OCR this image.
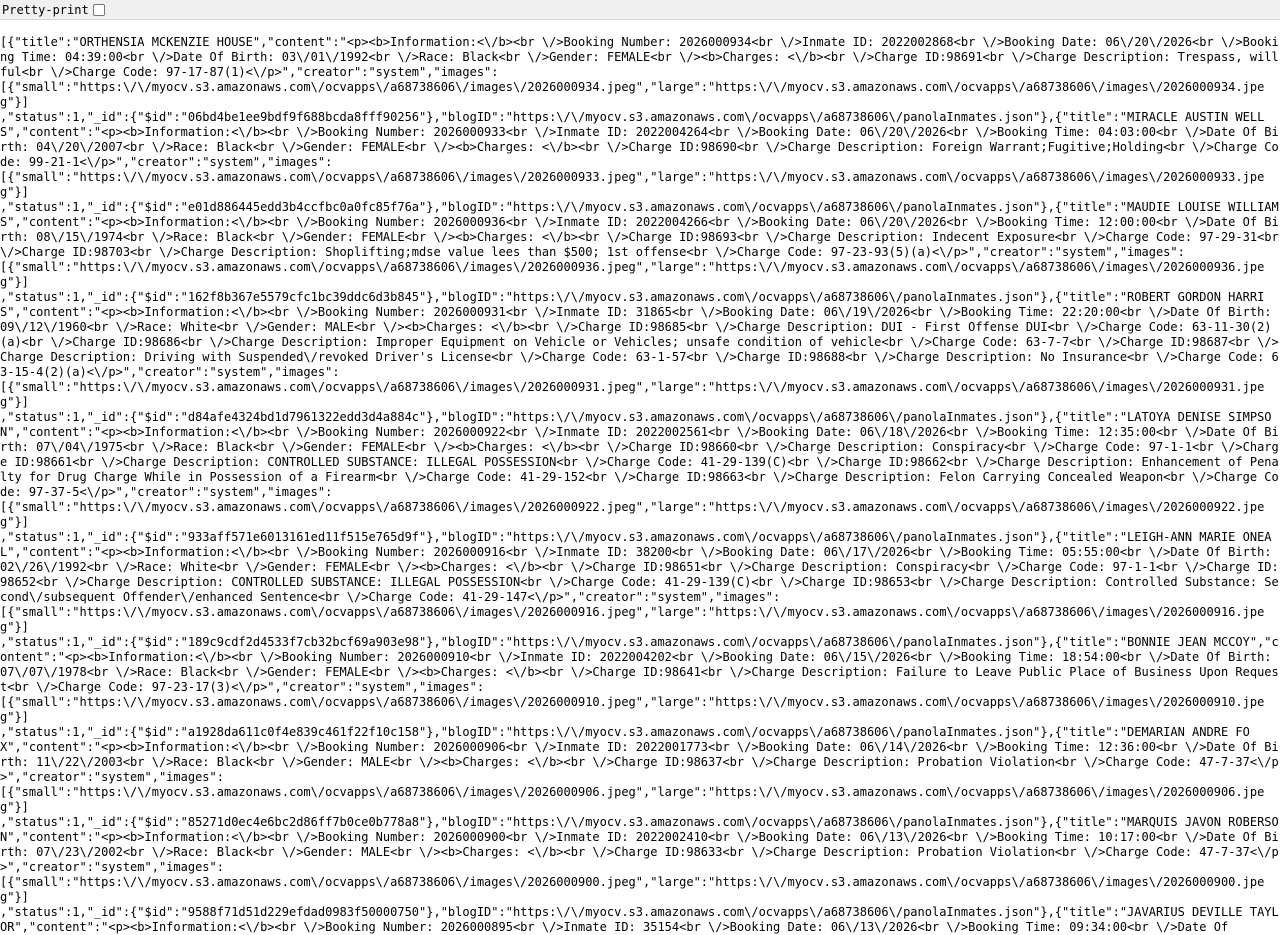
Pretty-print
[{"title":"ORTHENSIA MCKENZIE HOUSE","content":"<p><b>Information:<\/b><br \/>Booking Number: 2026000934<br \/>Inmate ID: 2022002868<br \/>Booking Date: 06\/20\/2026<br \/>Booking Time: 04:39:00<br \/>Date Of Birth: 03\/01\/1992<br \/>Race: Black<br \/>Gender: FEMALE<br \/><b>Charges: <\/b><br \/>Charge ID:98691<br \/>Charge Description: Trespass, willful<br \/>Charge Code: 97-17-87(1)<\/p>","creator":"system","images":
[{"small":"https:\/\/myocv.s3.amazonaws.com\/ocvapps\/a68738606\/images\/2026000934.jpeg","large":"https:\/\/myocv.s3.amazonaws.com\/ocvapps\/a68738606\/images\/2026000934.jpeg"}]
,"status":1,"_id":{"$id":"06bd4be1ee9bdf9f688bcda8fff90256"},"blogID":"https:\/\/myocv.s3.amazonaws.com\/ocvapps\/a68738606\/panolaInmates.json"},{"title":"MIRACLE AUSTIN WELLS","content":"<p><b>Information:<\/b><br \/>Booking Number: 2026000933<br \/>Inmate ID: 2022004264<br \/>Booking Date: 06\/20\/2026<br \/>Booking Time: 04:03:00<br \/>Date Of Birth: 04\/20\/2007<br \/>Race: Black<br \/>Gender: FEMALE<br \/><b>Charges: <\/b><br \/>Charge ID:98690<br \/>Charge Description: Foreign Warrant;Fugitive;Holding<br \/>Charge Code: 99-21-1<\/p>","creator":"system","images":
[{"small":"https:\/\/myocv.s3.amazonaws.com\/ocvapps\/a68738606\/images\/2026000933.jpeg","large":"https:\/\/myocv.s3.amazonaws.com\/ocvapps\/a68738606\/images\/2026000933.jpeg"}]
,"status":1,"_id":{"$id":"e01d886445edd3b4ccfbc0a0fc85f76a"},"blogID":"https:\/\/myocv.s3.amazonaws.com\/ocvapps\/a68738606\/panolaInmates.json"},{"title":"MAUDIE LOUISE WILLIAMS","content":"<p><b>Information:<\/b><br \/>Booking Number: 2026000936<br \/>Inmate ID: 2022004266<br \/>Booking Date: 06\/20\/2026<br \/>Booking Time: 12:00:00<br \/>Date Of Birth: 08\/15\/1974<br \/>Race: Black<br \/>Gender: FEMALE<br \/><b>Charges: <\/b><br \/>Charge ID:98693<br \/>Charge Description: Indecent Exposure<br \/>Charge Code: 97-29-31<br \/>Charge ID:98703<br \/>Charge Description: Shoplifting;mdse value lees than $500; 1st offense<br \/>Charge Code: 97-23-93(5)(a)<\/p>","creator":"system","images":
[{"small":"https:\/\/myocv.s3.amazonaws.com\/ocvapps\/a68738606\/images\/2026000936.jpeg","large":"https:\/\/myocv.s3.amazonaws.com\/ocvapps\/a68738606\/images\/2026000936.jpeg"}]
,"status":1,"_id":{"$id":"162f8b367e5579cfc1bc39ddc6d3b845"},"blogID":"https:\/\/myocv.s3.amazonaws.com\/ocvapps\/a68738606\/panolaInmates.json"},{"title":"ROBERT GORDON HARRIS","content":"<p><b>Information:<\/b><br \/>Booking Number: 2026000931<br \/>Inmate ID: 31865<br \/>Booking Date: 06\/19\/2026<br \/>Booking Time: 22:20:00<br \/>Date Of Birth: 09\/12\/1960<br \/>Race: White<br \/>Gender: MALE<br \/><b>Charges: <\/b><br \/>Charge ID:98685<br \/>Charge Description: DUI - First Offense DUI<br \/>Charge Code: 63-11-30(2)(a)<br \/>Charge ID:98686<br \/>Charge Description: Improper Equipment on Vehicle or Vehicles; unsafe condition of vehicle<br \/>Charge Code: 63-7-7<br \/>Charge ID:98687<br \/>Charge Description: Driving with Suspended\/revoked Driver's License<br \/>Charge Code: 63-1-57<br \/>Charge ID:98688<br \/>Charge Description: No Insurance<br \/>Charge Code: 63-15-4(2)(a)<\/p>","creator":"system","images":
[{"small":"https:\/\/myocv.s3.amazonaws.com\/ocvapps\/a68738606\/images\/2026000931.jpeg","large":"https:\/\/myocv.s3.amazonaws.com\/ocvapps\/a68738606\/images\/2026000931.jpeg"}]
,"status":1,"_id":{"$id":"d84afe4324bd1d7961322edd3d4a884c"},"blogID":"https:\/\/myocv.s3.amazonaws.com\/ocvapps\/a68738606\/panolaInmates.json"},{"title":"LATOYA DENISE SIMPSON","content":"<p><b>Information:<\/b><br \/>Booking Number: 2026000922<br \/>Inmate ID: 2022002561<br \/>Booking Date: 06\/18\/2026<br \/>Booking Time: 12:35:00<br \/>Date Of Birth: 07\/04\/1975<br \/>Race: Black<br \/>Gender: FEMALE<br \/><b>Charges: <\/b><br \/>Charge ID:98660<br \/>Charge Description: Conspiracy<br \/>Charge Code: 97-1-1<br \/>Charge ID:98661<br \/>Charge Description: CONTROLLED SUBSTANCE: ILLEGAL POSSESSION<br \/>Charge Code: 41-29-139(C)<br \/>Charge ID:98662<br \/>Charge Description: Enhancement of Penalty for Drug Charge While in Possession of a Firearm<br \/>Charge Code: 41-29-152<br \/>Charge ID:98663<br \/>Charge Description: Felon Carrying Concealed Weapon<br \/>Charge Code: 97-37-5<\/p>","creator":"system","images":
[{"small":"https:\/\/myocv.s3.amazonaws.com\/ocvapps\/a68738606\/images\/2026000922.jpeg","large":"https:\/\/myocv.s3.amazonaws.com\/ocvapps\/a68738606\/images\/2026000922.jpeg"}]
,"status":1,"_id":{"$id":"933aff571e6013161ed11f515e765d9f"},"blogID":"https:\/\/myocv.s3.amazonaws.com\/ocvapps\/a68738606\/panolaInmates.json"},{"title":"LEIGH-ANN MARIE ONEAL","content":"<p><b>Information:<\/b><br \/>Booking Number: 2026000916<br \/>Inmate ID: 38200<br \/>Booking Date: 06\/17\/2026<br \/>Booking Time: 05:55:00<br \/>Date Of Birth: 02\/26\/1992<br \/>Race: White<br \/>Gender: FEMALE<br \/><b>Charges: <\/b><br \/>Charge ID:98651<br \/>Charge Description: Conspiracy<br \/>Charge Code: 97-1-1<br \/>Charge ID:98652<br \/>Charge Description: CONTROLLED SUBSTANCE: ILLEGAL POSSESSION<br \/>Charge Code: 41-29-139(C)<br \/>Charge ID:98653<br \/>Charge Description: Controlled Substance: Second\/subsequent Offender\/enhanced Sentence<br \/>Charge Code: 41-29-147<\/p>","creator":"system","images":
[{"small":"https:\/\/myocv.s3.amazonaws.com\/ocvapps\/a68738606\/images\/2026000916.jpeg","large":"https:\/\/myocv.s3.amazonaws.com\/ocvapps\/a68738606\/images\/2026000916.jpeg"}]
,"status":1,"_id":{"$id":"189c9cdf2d4533f7cb32bcf69a903e98"},"blogID":"https:\/\/myocv.s3.amazonaws.com\/ocvapps\/a68738606\/panolaInmates.json"},{"title":"BONNIE JEAN MCCOY","content":"<p><b>Information:<\/b><br \/>Booking Number: 2026000910<br \/>Inmate ID: 2022004202<br \/>Booking Date: 06\/15\/2026<br \/>Booking Time: 18:54:00<br \/>Date Of Birth: 07\/07\/1978<br \/>Race: Black<br \/>Gender: FEMALE<br \/><b>Charges: <\/b><br \/>Charge ID:98641<br \/>Charge Description: Failure to Leave Public Place of Business Upon Request<br \/>Charge Code: 97-23-17(3)<\/p>","creator":"system","images":
[{"small":"https:\/\/myocv.s3.amazonaws.com\/ocvapps\/a68738606\/images\/2026000910.jpeg","large":"https:\/\/myocv.s3.amazonaws.com\/ocvapps\/a68738606\/images\/2026000910.jpeg"}]
,"status":1,"_id":{"$id":"a1928da611c0f4e839c461f22f10c158"},"blogID":"https:\/\/myocv.s3.amazonaws.com\/ocvapps\/a68738606\/panolaInmates.json"},{"title":"DEMARIAN ANDRE FOX","content":"<p><b>Information:<\/b><br \/>Booking Number: 2026000906<br \/>Inmate ID: 2022001773<br \/>Booking Date: 06\/14\/2026<br \/>Booking Time: 12:36:00<br \/>Date Of Birth: 11\/22\/2003<br \/>Race: Black<br \/>Gender: MALE<br \/><b>Charges: <\/b><br \/>Charge ID:98637<br \/>Charge Description: Probation Violation<br \/>Charge Code: 47-7-37<\/p>","creator":"system","images":
[{"small":"https:\/\/myocv.s3.amazonaws.com\/ocvapps\/a68738606\/images\/2026000906.jpeg","large":"https:\/\/myocv.s3.amazonaws.com\/ocvapps\/a68738606\/images\/2026000906.jpeg"}]
,"status":1,"_id":{"$id":"85271d0ec4e6bc2d86ff7b0ce0b778a8"},"blogID":"https:\/\/myocv.s3.amazonaws.com\/ocvapps\/a68738606\/panolaInmates.json"},{"title":"MARQUIS JAVON ROBERSON","content":"<p><b>Information:<\/b><br \/>Booking Number: 2026000900<br \/>Inmate ID: 2022002410<br \/>Booking Date: 06\/13\/2026<br \/>Booking Time: 10:17:00<br \/>Date Of Birth: 07\/23\/2002<br \/>Race: Black<br \/>Gender: MALE<br \/><b>Charges: <\/b><br \/>Charge ID:98633<br \/>Charge Description: Probation Violation<br \/>Charge Code: 47-7-37<\/p>","creator":"system","images":
[{"small":"https:\/\/myocv.s3.amazonaws.com\/ocvapps\/a68738606\/images\/2026000900.jpeg","large":"https:\/\/myocv.s3.amazonaws.com\/ocvapps\/a68738606\/images\/2026000900.jpeg"}]
,"status":1,"_id":{"$id":"9588f71d51d229efdad0983f50000750"},"blogID":"https:\/\/myocv.s3.amazonaws.com\/ocvapps\/a68738606\/panolaInmates.json"},{"title":"JAVARIUS DEVILLE TAYLOR","content":"<p><b>Information:<\/b><br \/>Booking Number: 2026000895<br \/>Inmate ID: 35154<br \/>Booking Date: 06\/13\/2026<br \/>Booking Time: 09:34:00<br \/>Date Of
